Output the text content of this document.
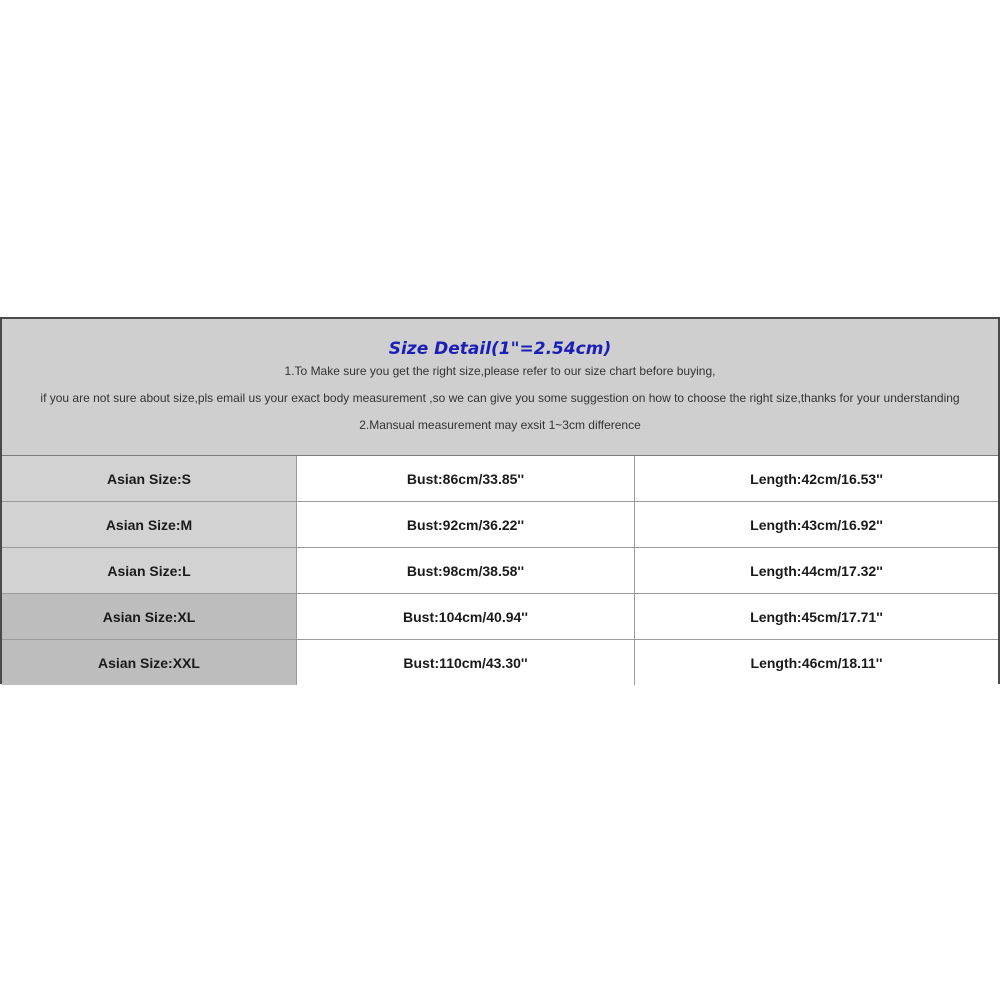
Size Detail(1"=2.54cm)
1.To Make sure you get the right size,please refer to our size chart before buying,
if you are not sure about size,pls email us your exact body measurement ,so we can give you some suggestion on how to choose the right size,thanks for your understanding
2.Mansual measurement may exsit 1~3cm difference
Asian Size:S	Bust:86cm/33.85''	Length:42cm/16.53''
Asian Size:M	Bust:92cm/36.22''	Length:43cm/16.92''
Asian Size:L	Bust:98cm/38.58''	Length:44cm/17.32''
Asian Size:XL	Bust:104cm/40.94''	Length:45cm/17.71''
Asian Size:XXL	Bust:110cm/43.30''	Length:46cm/18.11''
